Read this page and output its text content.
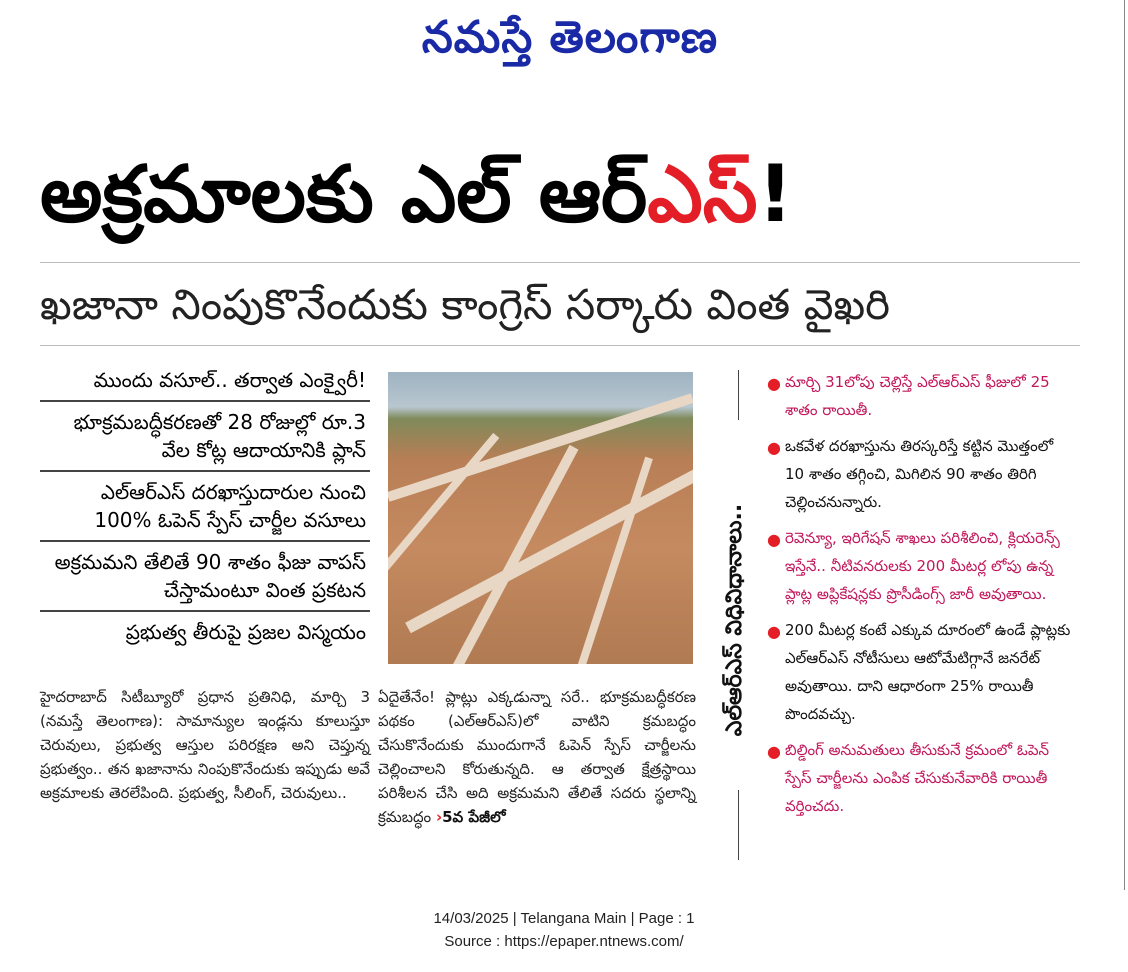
నమస్తే తెలంగాణ
అక్రమాలకు ఎల్ ఆర్ఎస్!
ఖజానా నింపుకొనేందుకు కాంగ్రెస్ సర్కారు వింత వైఖరి
ముందు వసూల్.. తర్వాత ఎంక్వైరీ!
భూక్రమబద్ధీకరణతో 28 రోజుల్లో రూ.3 వేల కోట్ల ఆదాయానికి ప్లాన్
ఎల్ఆర్ఎస్ దరఖాస్తుదారుల నుంచి 100% ఓపెన్ స్పేస్ చార్జీల వసూలు
అక్రమమని తేలితే 90 శాతం ఫీజు వాపస్ చేస్తామంటూ వింత ప్రకటన
ప్రభుత్వ తీరుపై ప్రజల విస్మయం
హైదరాబాద్ సిటీబ్యూరో ప్రధాన ప్రతినిధి, మార్చి 3 (నమస్తే తెలంగాణ): సామాన్యుల ఇండ్లను కూలుస్తూ చెరువులు, ప్రభుత్వ ఆస్తుల పరిరక్షణ అని చెప్తున్న ప్రభుత్వం.. తన ఖజానాను నింపుకొనేందుకు ఇప్పుడు అవే అక్రమాలకు తెరలేపింది. ప్రభుత్వ, సీలింగ్, చెరువులు..
ఏదైతేనేం! ప్లాట్లు ఎక్కడున్నా సరే.. భూక్రమబద్ధీకరణ పథకం (ఎల్ఆర్ఎస్)లో వాటిని క్రమబద్ధం చేసుకొనేందుకు ముందుగానే ఓపెన్ స్పేస్ చార్జీలను చెల్లించాలని కోరుతున్నది. ఆ తర్వాత క్షేత్రస్థాయి పరిశీలన చేసి అది అక్రమమని తేలితే సదరు స్థలాన్ని క్రమబద్ధం ›5వ పేజీలో
ఎల్ఆర్ఎస్ విధివిధానాలు..
● మార్చి 31లోపు చెల్లిస్తే ఎల్ఆర్ఎస్ ఫీజులో 25 శాతం రాయితీ.
● ఒకవేళ దరఖాస్తును తిరస్కరిస్తే కట్టిన మొత్తంలో 10 శాతం తగ్గించి, మిగిలిన 90 శాతం తిరిగి చెల్లించనున్నారు.
● రెవెన్యూ, ఇరిగేషన్ శాఖలు పరిశీలించి, క్లియరెన్స్ ఇస్తేనే.. నీటివనరులకు 200 మీటర్ల లోపు ఉన్న ప్లాట్ల అప్లికేషన్లకు ప్రొసీడింగ్స్ జారీ అవుతాయి.
● 200 మీటర్ల కంటే ఎక్కువ దూరంలో ఉండే ప్లాట్లకు ఎల్ఆర్ఎస్ నోటీసులు ఆటోమేటిగ్గానే జనరేట్ అవుతాయి. దాని ఆధారంగా 25% రాయితీ పొందవచ్చు.
● బిల్డింగ్ అనుమతులు తీసుకునే క్రమంలో ఓపెన్ స్పేస్ చార్జీలను ఎంపిక చేసుకునేవారికి రాయితీ వర్తించదు.
14/03/2025 | Telangana Main | Page : 1
Source : https://epaper.ntnews.com/
